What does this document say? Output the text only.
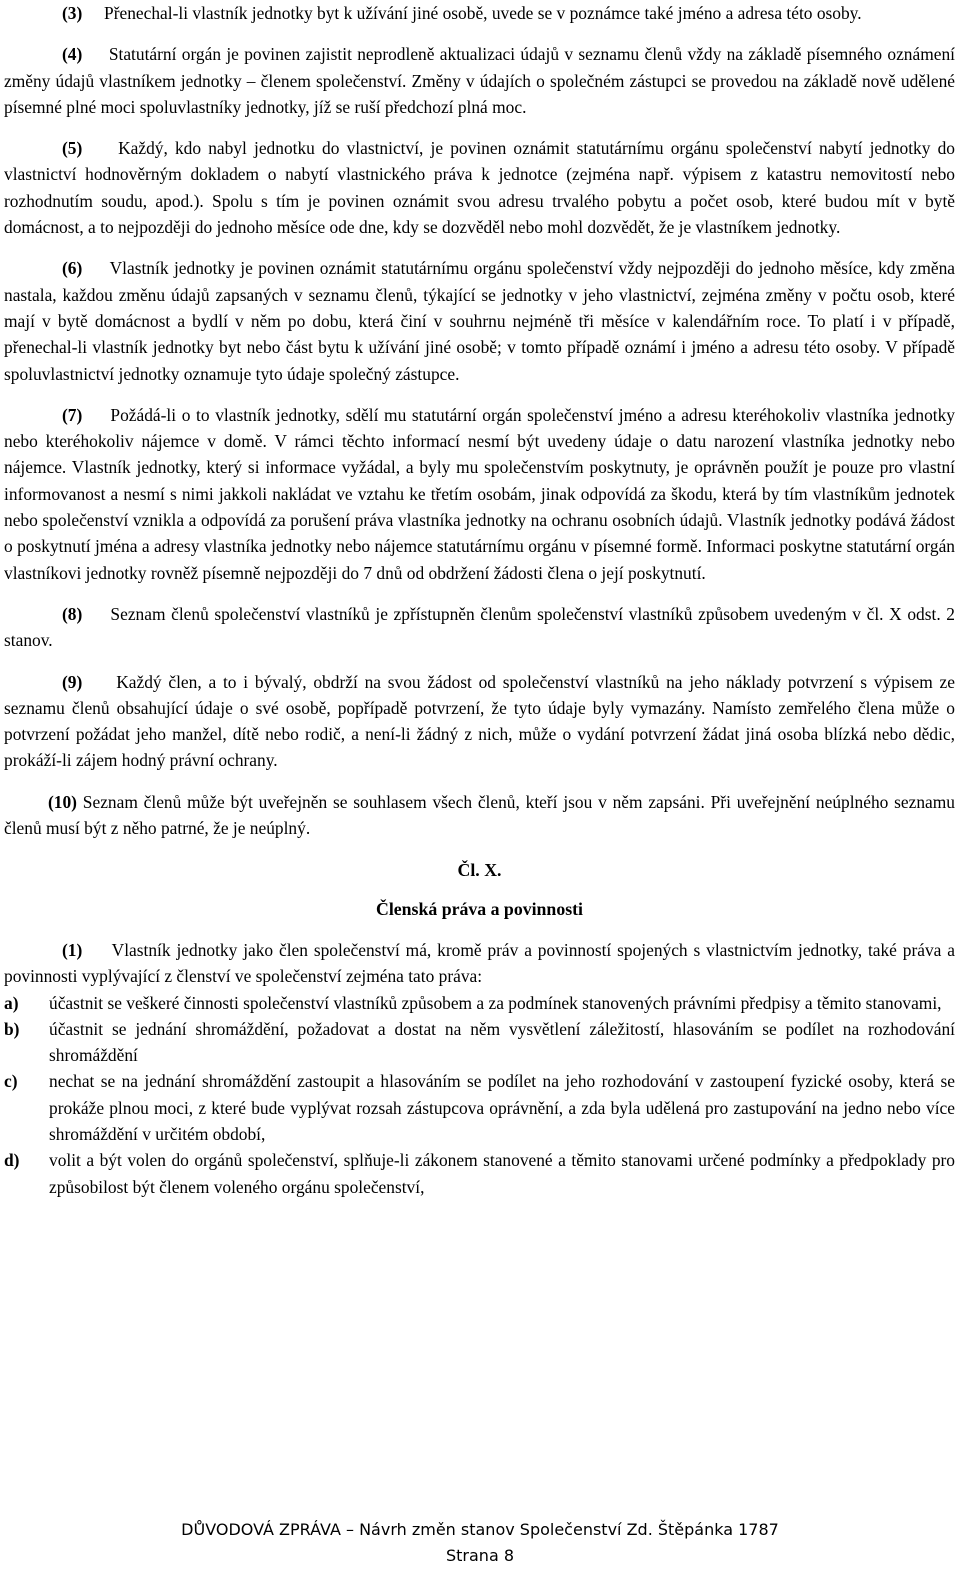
(3) Přenechal-li vlastník jednotky byt k užívání jiné osobě, uvede se v poznámce také jméno a adresa této osoby.

(4) Statutární orgán je povinen zajistit neprodleně aktualizaci údajů v seznamu členů vždy na základě písemného oznámení změny údajů vlastníkem jednotky – členem společenství. Změny v údajích o společném zástupci se provedou na základě nově udělené písemné plné moci spoluvlastníky jednotky, jíž se ruší předchozí plná moc.

(5) Každý, kdo nabyl jednotku do vlastnictví, je povinen oznámit statutárnímu orgánu společenství nabytí jednotky do vlastnictví hodnověrným dokladem o nabytí vlastnického práva k jednotce (zejména např. výpisem z katastru nemovitostí nebo rozhodnutím soudu, apod.). Spolu s tím je povinen oznámit svou adresu trvalého pobytu a počet osob, které budou mít v bytě domácnost, a to nejpozději do jednoho měsíce ode dne, kdy se dozvěděl nebo mohl dozvědět, že je vlastníkem jednotky.

(6) Vlastník jednotky je povinen oznámit statutárnímu orgánu společenství vždy nejpozději do jednoho měsíce, kdy změna nastala, každou změnu údajů zapsaných v seznamu členů, týkající se jednotky v jeho vlastnictví, zejména změny v počtu osob, které mají v bytě domácnost a bydlí v něm po dobu, která činí v souhrnu nejméně tři měsíce v kalendářním roce. To platí i v případě, přenechal-li vlastník jednotky byt nebo část bytu k užívání jiné osobě; v tomto případě oznámí i jméno a adresu této osoby. V případě spoluvlastnictví jednotky oznamuje tyto údaje společný zástupce.

(7) Požádá-li o to vlastník jednotky, sdělí mu statutární orgán společenství jméno a adresu kteréhokoliv vlastníka jednotky nebo kteréhokoliv nájemce v domě. V rámci těchto informací nesmí být uvedeny údaje o datu narození vlastníka jednotky nebo nájemce. Vlastník jednotky, který si informace vyžádal, a byly mu společenstvím poskytnuty, je oprávněn použít je pouze pro vlastní informovanost a nesmí s nimi jakkoli nakládat ve vztahu ke třetím osobám, jinak odpovídá za škodu, která by tím vlastníkům jednotek nebo společenství vznikla a odpovídá za porušení práva vlastníka jednotky na ochranu osobních údajů. Vlastník jednotky podává žádost o poskytnutí jména a adresy vlastníka jednotky nebo nájemce statutárnímu orgánu v písemné formě. Informaci poskytne statutární orgán vlastníkovi jednotky rovněž písemně nejpozději do 7 dnů od obdržení žádosti člena o její poskytnutí.

(8) Seznam členů společenství vlastníků je zpřístupněn členům společenství vlastníků způsobem uvedeným v čl. X odst. 2 stanov.

(9) Každý člen, a to i bývalý, obdrží na svou žádost od společenství vlastníků na jeho náklady potvrzení s výpisem ze seznamu členů obsahující údaje o své osobě, popřípadě potvrzení, že tyto údaje byly vymazány. Namísto zemřelého člena může o potvrzení požádat jeho manžel, dítě nebo rodič, a není-li žádný z nich, může o vydání potvrzení žádat jiná osoba blízká nebo dědic, prokáží-li zájem hodný právní ochrany.

(10) Seznam členů může být uveřejněn se souhlasem všech členů, kteří jsou v něm zapsáni. Při uveřejnění neúplného seznamu členů musí být z něho patrné, že je neúplný.

Čl. X.

Členská práva a povinnosti

(1) Vlastník jednotky jako člen společenství má, kromě práv a povinností spojených s vlastnictvím jednotky, také práva a povinnosti vyplývající z členství ve společenství zejména tato práva:

a) účastnit se veškeré činnosti společenství vlastníků způsobem a za podmínek stanovených právními předpisy a těmito stanovami,
b) účastnit se jednání shromáždění, požadovat a dostat na něm vysvětlení záležitostí, hlasováním se podílet na rozhodování shromáždění
c) nechat se na jednání shromáždění zastoupit a hlasováním se podílet na jeho rozhodování v zastoupení fyzické osoby, která se prokáže plnou moci, z které bude vyplývat rozsah zástupcova oprávnění, a zda byla udělená pro zastupování na jedno nebo více shromáždění v určitém období,
d) volit a být volen do orgánů společenství, splňuje-li zákonem stanovené a těmito stanovami určené podmínky a předpoklady pro způsobilost být členem voleného orgánu společenství,
DŮVODOVÁ ZPRÁVA – Návrh změn stanov Společenství Zd. Štěpánka 1787
Strana 8
